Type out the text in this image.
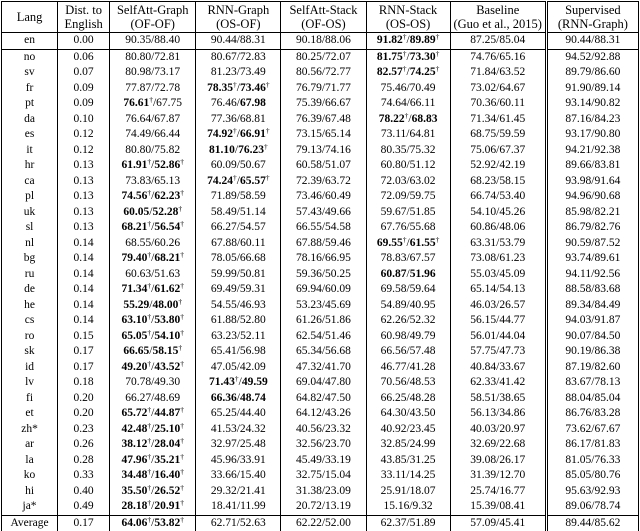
Lang	Dist. to
English

SelfAtt-Graph
(OF-OF)

RNN-Graph
(OS-OF)

SelfAtt-Stack
(OF-OS)

RNN-Stack
(OS-OS)

Baseline
(Guo et al., 2015)

Supervised
(RNN-Graph)

en	0.00	90.35/88.40	90.44/88.31	90.18/88.06	91.82†/89.89†	87.25/85.04	90.44/88.31
no	0.06	80.80/72.81	80.67/72.83	80.25/72.07	81.75†/73.30†	74.76/65.16	94.52/92.88
sv	0.07	80.98/73.17	81.23/73.49	80.56/72.77	82.57†/74.25†	71.84/63.52	89.79/86.60
fr	0.09	77.87/72.78	78.35†/73.46†	76.79/71.77	75.46/70.49	73.02/64.67	91.90/89.14
pt	0.09	76.61†/67.75	76.46/67.98	75.39/66.67	74.64/66.11	70.36/60.11	93.14/90.82
da	0.10	76.64/67.87	77.36/68.81	76.39/67.48	78.22†/68.83	71.34/61.45	87.16/84.23
es	0.12	74.49/66.44	74.92†/66.91†	73.15/65.14	73.11/64.81	68.75/59.59	93.17/90.80
it	0.12	80.80/75.82	81.10/76.23†	79.13/74.16	80.35/75.32	75.06/67.37	94.21/92.38
hr	0.13	61.91†/52.86†	60.09/50.67	60.58/51.07	60.80/51.12	52.92/42.19	89.66/83.81
ca	0.13	73.83/65.13	74.24†/65.57†	72.39/63.72	72.03/63.02	68.23/58.15	93.98/91.64
pl	0.13	74.56†/62.23†	71.89/58.59	73.46/60.49	72.09/59.75	66.74/53.40	94.96/90.68
uk	0.13	60.05/52.28†	58.49/51.14	57.43/49.66	59.67/51.85	54.10/45.26	85.98/82.21
sl	0.13	68.21†/56.54†	66.27/54.57	66.55/54.58	67.76/55.68	60.86/48.06	86.79/82.76
nl	0.14	68.55/60.26	67.88/60.11	67.88/59.46	69.55†/61.55†	63.31/53.79	90.59/87.52
bg	0.14	79.40†/68.21†	78.05/66.68	78.16/66.95	78.83/67.57	73.08/61.23	93.74/89.61
ru	0.14	60.63/51.63	59.99/50.81	59.36/50.25	60.87/51.96	55.03/45.09	94.11/92.56
de	0.14	71.34†/61.62†	69.49/59.31	69.94/60.09	69.58/59.64	65.14/54.13	88.58/83.68
he	0.14	55.29/48.00†	54.55/46.93	53.23/45.69	54.89/40.95	46.03/26.57	89.34/84.49
cs	0.14	63.10†/53.80†	61.88/52.80	61.26/51.86	62.26/52.32	56.15/44.77	94.03/91.87
ro	0.15	65.05†/54.10†	63.23/52.11	62.54/51.46	60.98/49.79	56.01/44.04	90.07/84.50
sk	0.17	66.65/58.15†	65.41/56.98	65.34/56.68	66.56/57.48	57.75/47.73	90.19/86.38
id	0.17	49.20†/43.52†	47.05/42.09	47.32/41.70	46.77/41.28	40.84/33.67	87.19/82.60
lv	0.18	70.78/49.30	71.43†/49.59	69.04/47.80	70.56/48.53	62.33/41.42	83.67/78.13
fi	0.20	66.27/48.69	66.36/48.74	64.82/47.50	66.25/48.28	58.51/38.65	88.04/85.04
et	0.20	65.72†/44.87†	65.25/44.40	64.12/43.26	64.30/43.50	56.13/34.86	86.76/83.28
zh*	0.23	42.48†/25.10†	41.53/24.32	40.56/23.32	40.92/23.45	40.03/20.97	73.62/67.67
ar	0.26	38.12†/28.04†	32.97/25.48	32.56/23.70	32.85/24.99	32.69/22.68	86.17/81.83
la	0.28	47.96†/35.21†	45.96/33.91	45.49/33.19	43.85/31.25	39.08/26.17	81.05/76.33
ko	0.33	34.48†/16.40†	33.66/15.40	32.75/15.04	33.11/14.25	31.39/12.70	85.05/80.76
hi	0.40	35.50†/26.52†	29.32/21.41	31.38/23.09	25.91/18.07	25.74/16.77	95.63/92.93
ja*	0.49	28.18†/20.91†	18.41/11.99	20.72/13.19	15.16/9.32	15.39/08.41	89.06/78.74
Average	0.17	64.06†/53.82†	62.71/52.63	62.22/52.00	62.37/51.89	57.09/45.41	89.44/85.62
